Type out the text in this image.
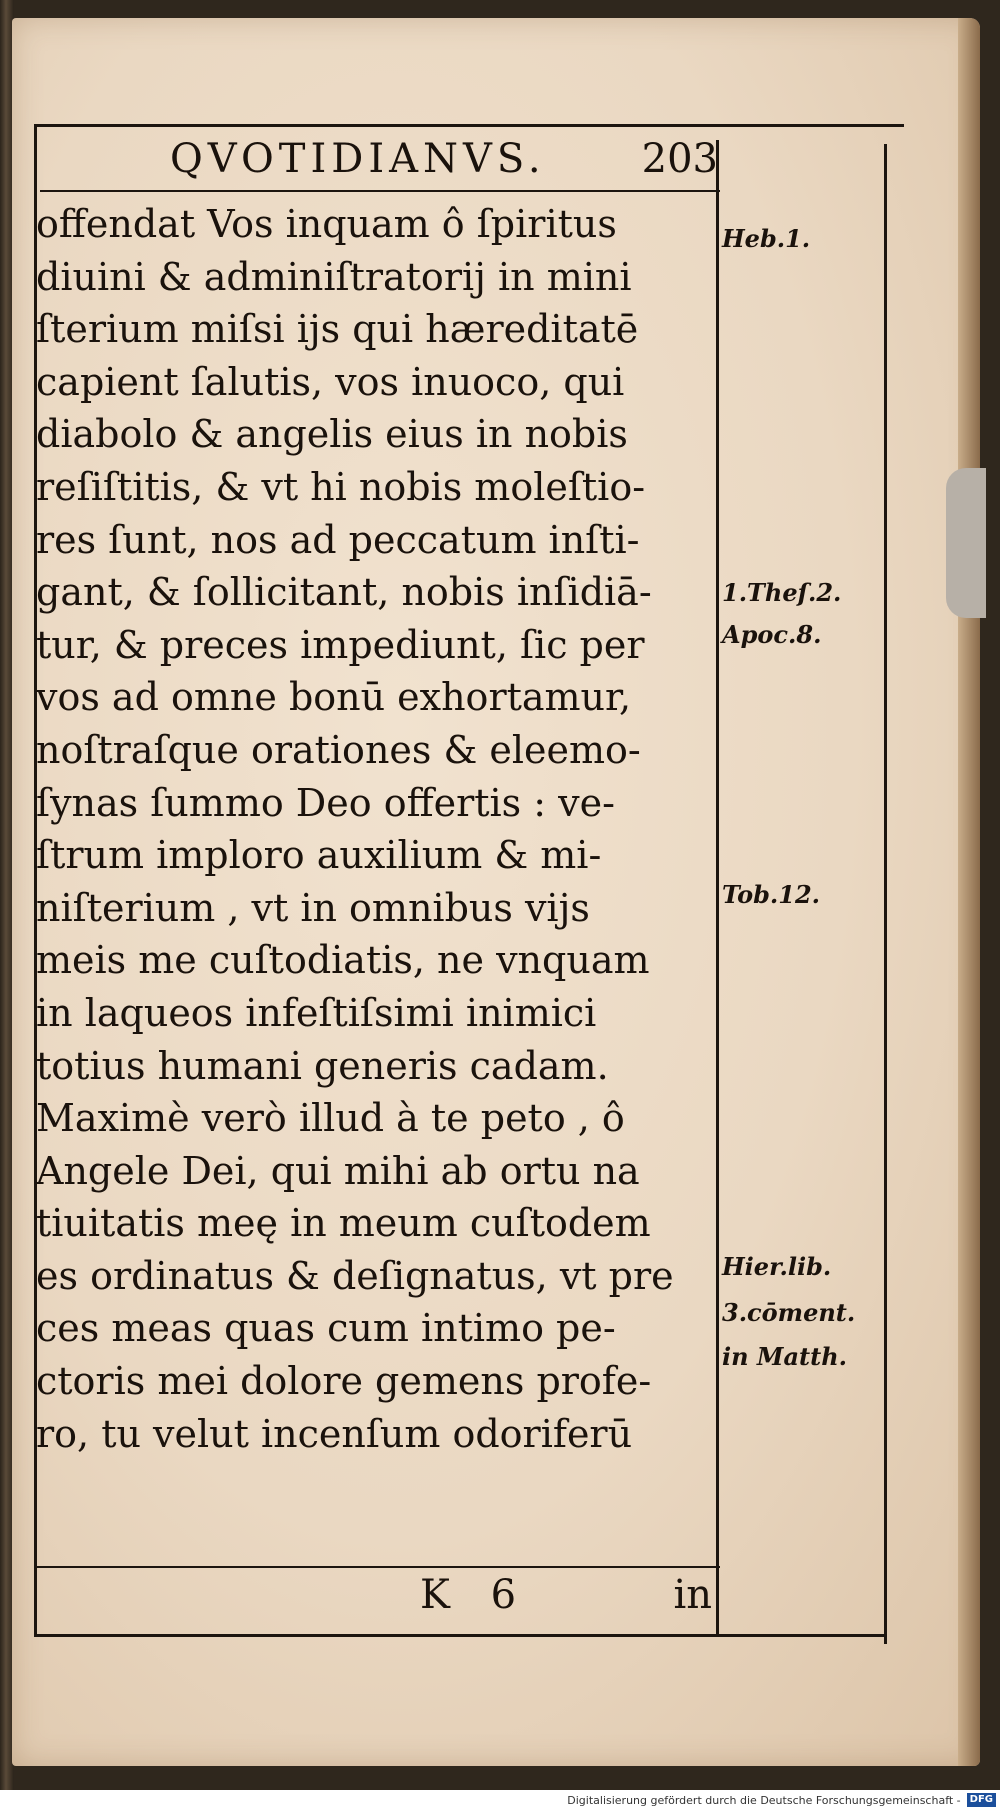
QVOTIDIANVS. 203
offendat Vos inquam ô ſpiritus
diuini & adminiſtratorij in mini
ſterium miſsi ijs qui hæreditatē
capient ſalutis, vos inuoco, qui
diabolo & angelis eius in nobis
reſiſtitis, & vt hi nobis moleſtio-
res ſunt, nos ad peccatum inſti-
gant, & ſollicitant, nobis inſidiā-
tur, & preces impediunt, ſic per
vos ad omne bonū exhortamur,
noſtraſque orationes & eleemo-
ſynas ſummo Deo offertis : ve-
ſtrum imploro auxilium & mi-
niſterium , vt in omnibus vijs
meis me cuſtodiatis, ne vnquam
in laqueos infeſtiſsimi inimici
totius humani generis cadam.
Maximè verò illud à te peto , ô
Angele Dei, qui mihi ab ortu na
tiuitatis meę in meum cuſtodem
es ordinatus & deſignatus, vt pre
ces meas quas cum intimo pe-
ctoris mei dolore gemens profe-
ro, tu velut incenſum odoriferū
Heb.1.
1.Theſ.2.
Apoc.8.
Tob.12.
Hier.lib.
3.cōment.
in Matth.
K 6	in
Digitalisierung gefördert durch die Deutsche Forschungsgemeinschaft - DFG
